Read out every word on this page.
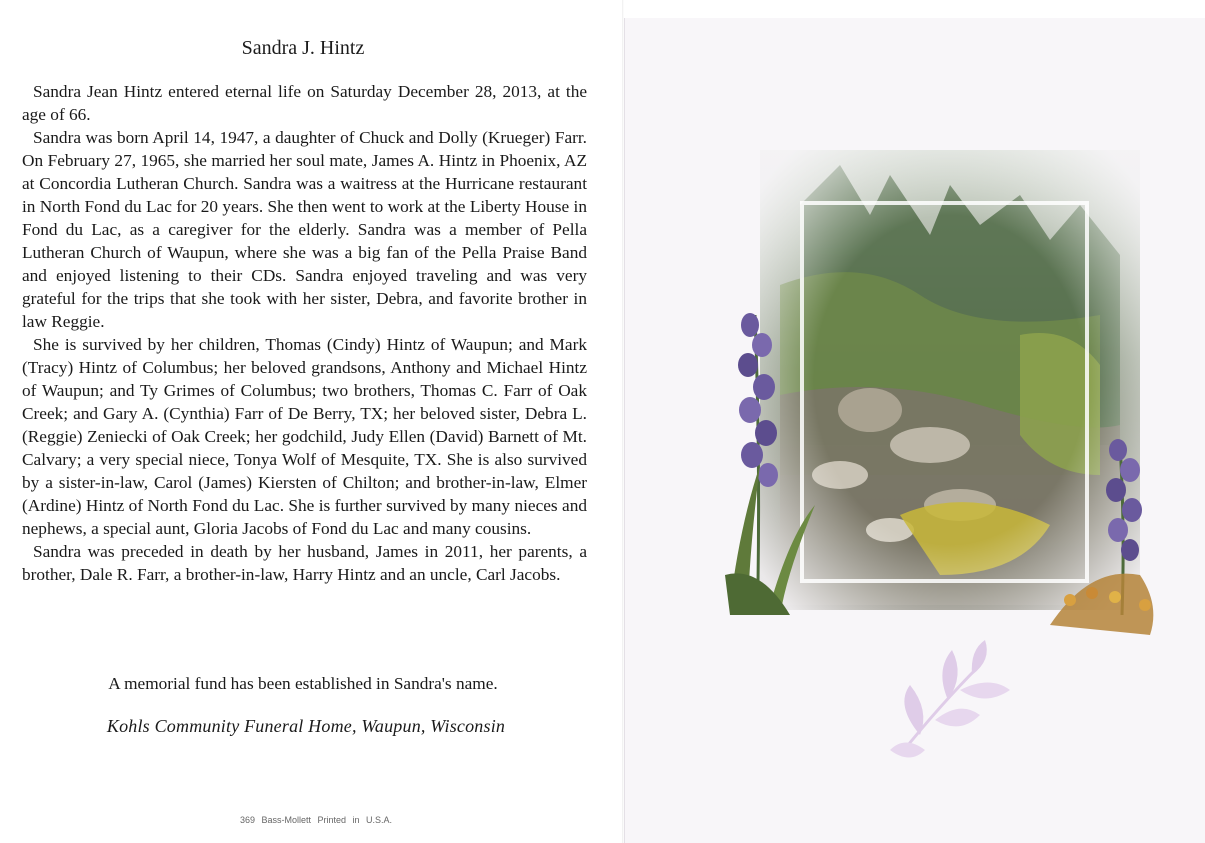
Sandra J. Hintz

Sandra Jean Hintz entered eternal life on Saturday December 28, 2013, at the age of 66.

Sandra was born April 14, 1947, a daughter of Chuck and Dolly (Krueger) Farr. On February 27, 1965, she married her soul mate, James A. Hintz in Phoenix, AZ at Concordia Lutheran Church. Sandra was a waitress at the Hurricane restaurant in North Fond du Lac for 20 years. She then went to work at the Liberty House in Fond du Lac, as a caregiver for the elderly. Sandra was a member of Pella Lutheran Church of Waupun, where she was a big fan of the Pella Praise Band and enjoyed listening to their CDs. Sandra enjoyed traveling and was very grateful for the trips that she took with her sister, Debra, and favorite brother in law Reggie.

She is survived by her children, Thomas (Cindy) Hintz of Waupun; and Mark (Tracy) Hintz of Columbus; her beloved grandsons, Anthony and Michael Hintz of Waupun; and Ty Grimes of Columbus; two brothers, Thomas C. Farr of Oak Creek; and Gary A. (Cynthia) Farr of De Berry, TX; her beloved sister, Debra L. (Reggie) Zeniecki of Oak Creek; her godchild, Judy Ellen (David) Barnett of Mt. Calvary; a very special niece, Tonya Wolf of Mesquite, TX. She is also survived by a sister-in-law, Carol (James) Kiersten of Chilton; and brother-in-law, Elmer (Ardine) Hintz of North Fond du Lac. She is further survived by many nieces and nephews, a special aunt, Gloria Jacobs of Fond du Lac and many cousins.

Sandra was preceded in death by her husband, James in 2011, her parents, a brother, Dale R. Farr, a brother-in-law, Harry Hintz and an uncle, Carl Jacobs.

A memorial fund has been established in Sandra's name.
Kohls Community Funeral Home, Waupun, Wisconsin
369 Bass-Mollett Printed in U.S.A.
